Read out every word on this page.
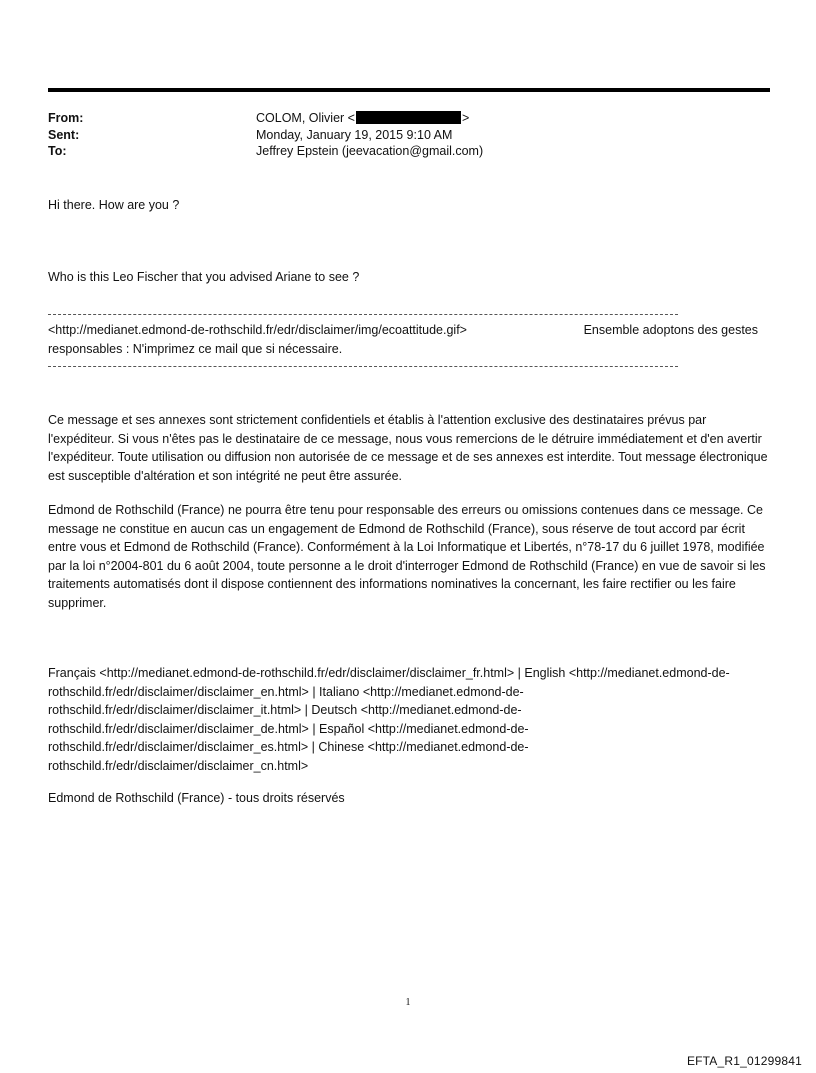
From:	COLOM, Olivier <	>
Sent:	Monday, January 19, 2015 9:10 AM
To:	Jeffrey Epstein (jeevacation@gmail.com)

Hi there. How are you ?

Who is this Leo Fischer that you advised Ariane to see ?

Ensemble adoptons des gestes
<http://medianet.edmond-de-rothschild.fr/edr/disclaimer/img/ecoattitude.gif>
responsables : N'imprimez ce mail que si nécessaire.

Ce message et ses annexes sont strictement confidentiels et établis à l'attention exclusive des destinataires prévus par l'expéditeur. Si vous n'êtes pas le destinataire de ce message, nous vous remercions de le détruire immédiatement et d'en avertir l'expéditeur. Toute utilisation ou diffusion non autorisée de ce message et de ses annexes est interdite. Tout message électronique est susceptible d'altération et son intégrité ne peut être assurée.

Edmond de Rothschild (France) ne pourra être tenu pour responsable des erreurs ou omissions contenues dans ce message. Ce message ne constitue en aucun cas un engagement de Edmond de Rothschild (France), sous réserve de tout accord par écrit entre vous et Edmond de Rothschild (France). Conformément à la Loi Informatique et Libertés, n°78-17 du 6 juillet 1978, modifiée par la loi n°2004-801 du 6 août 2004, toute personne a le droit d'interroger Edmond de Rothschild (France) en vue de savoir si les traitements automatisés dont il dispose contiennent des informations nominatives la concernant, les faire rectifier ou les faire supprimer.

Français <http://medianet.edmond-de-rothschild.fr/edr/disclaimer/disclaimer_fr.html> | English <http://medianet.edmond-de-rothschild.fr/edr/disclaimer/disclaimer_en.html> | Italiano <http://medianet.edmond-de-rothschild.fr/edr/disclaimer/disclaimer_it.html> | Deutsch <http://medianet.edmond-de-rothschild.fr/edr/disclaimer/disclaimer_de.html> | Español <http://medianet.edmond-de-rothschild.fr/edr/disclaimer/disclaimer_es.html> | Chinese <http://medianet.edmond-de-rothschild.fr/edr/disclaimer/disclaimer_cn.html>

Edmond de Rothschild (France) - tous droits réservés

1
EFTA_R1_01299841
